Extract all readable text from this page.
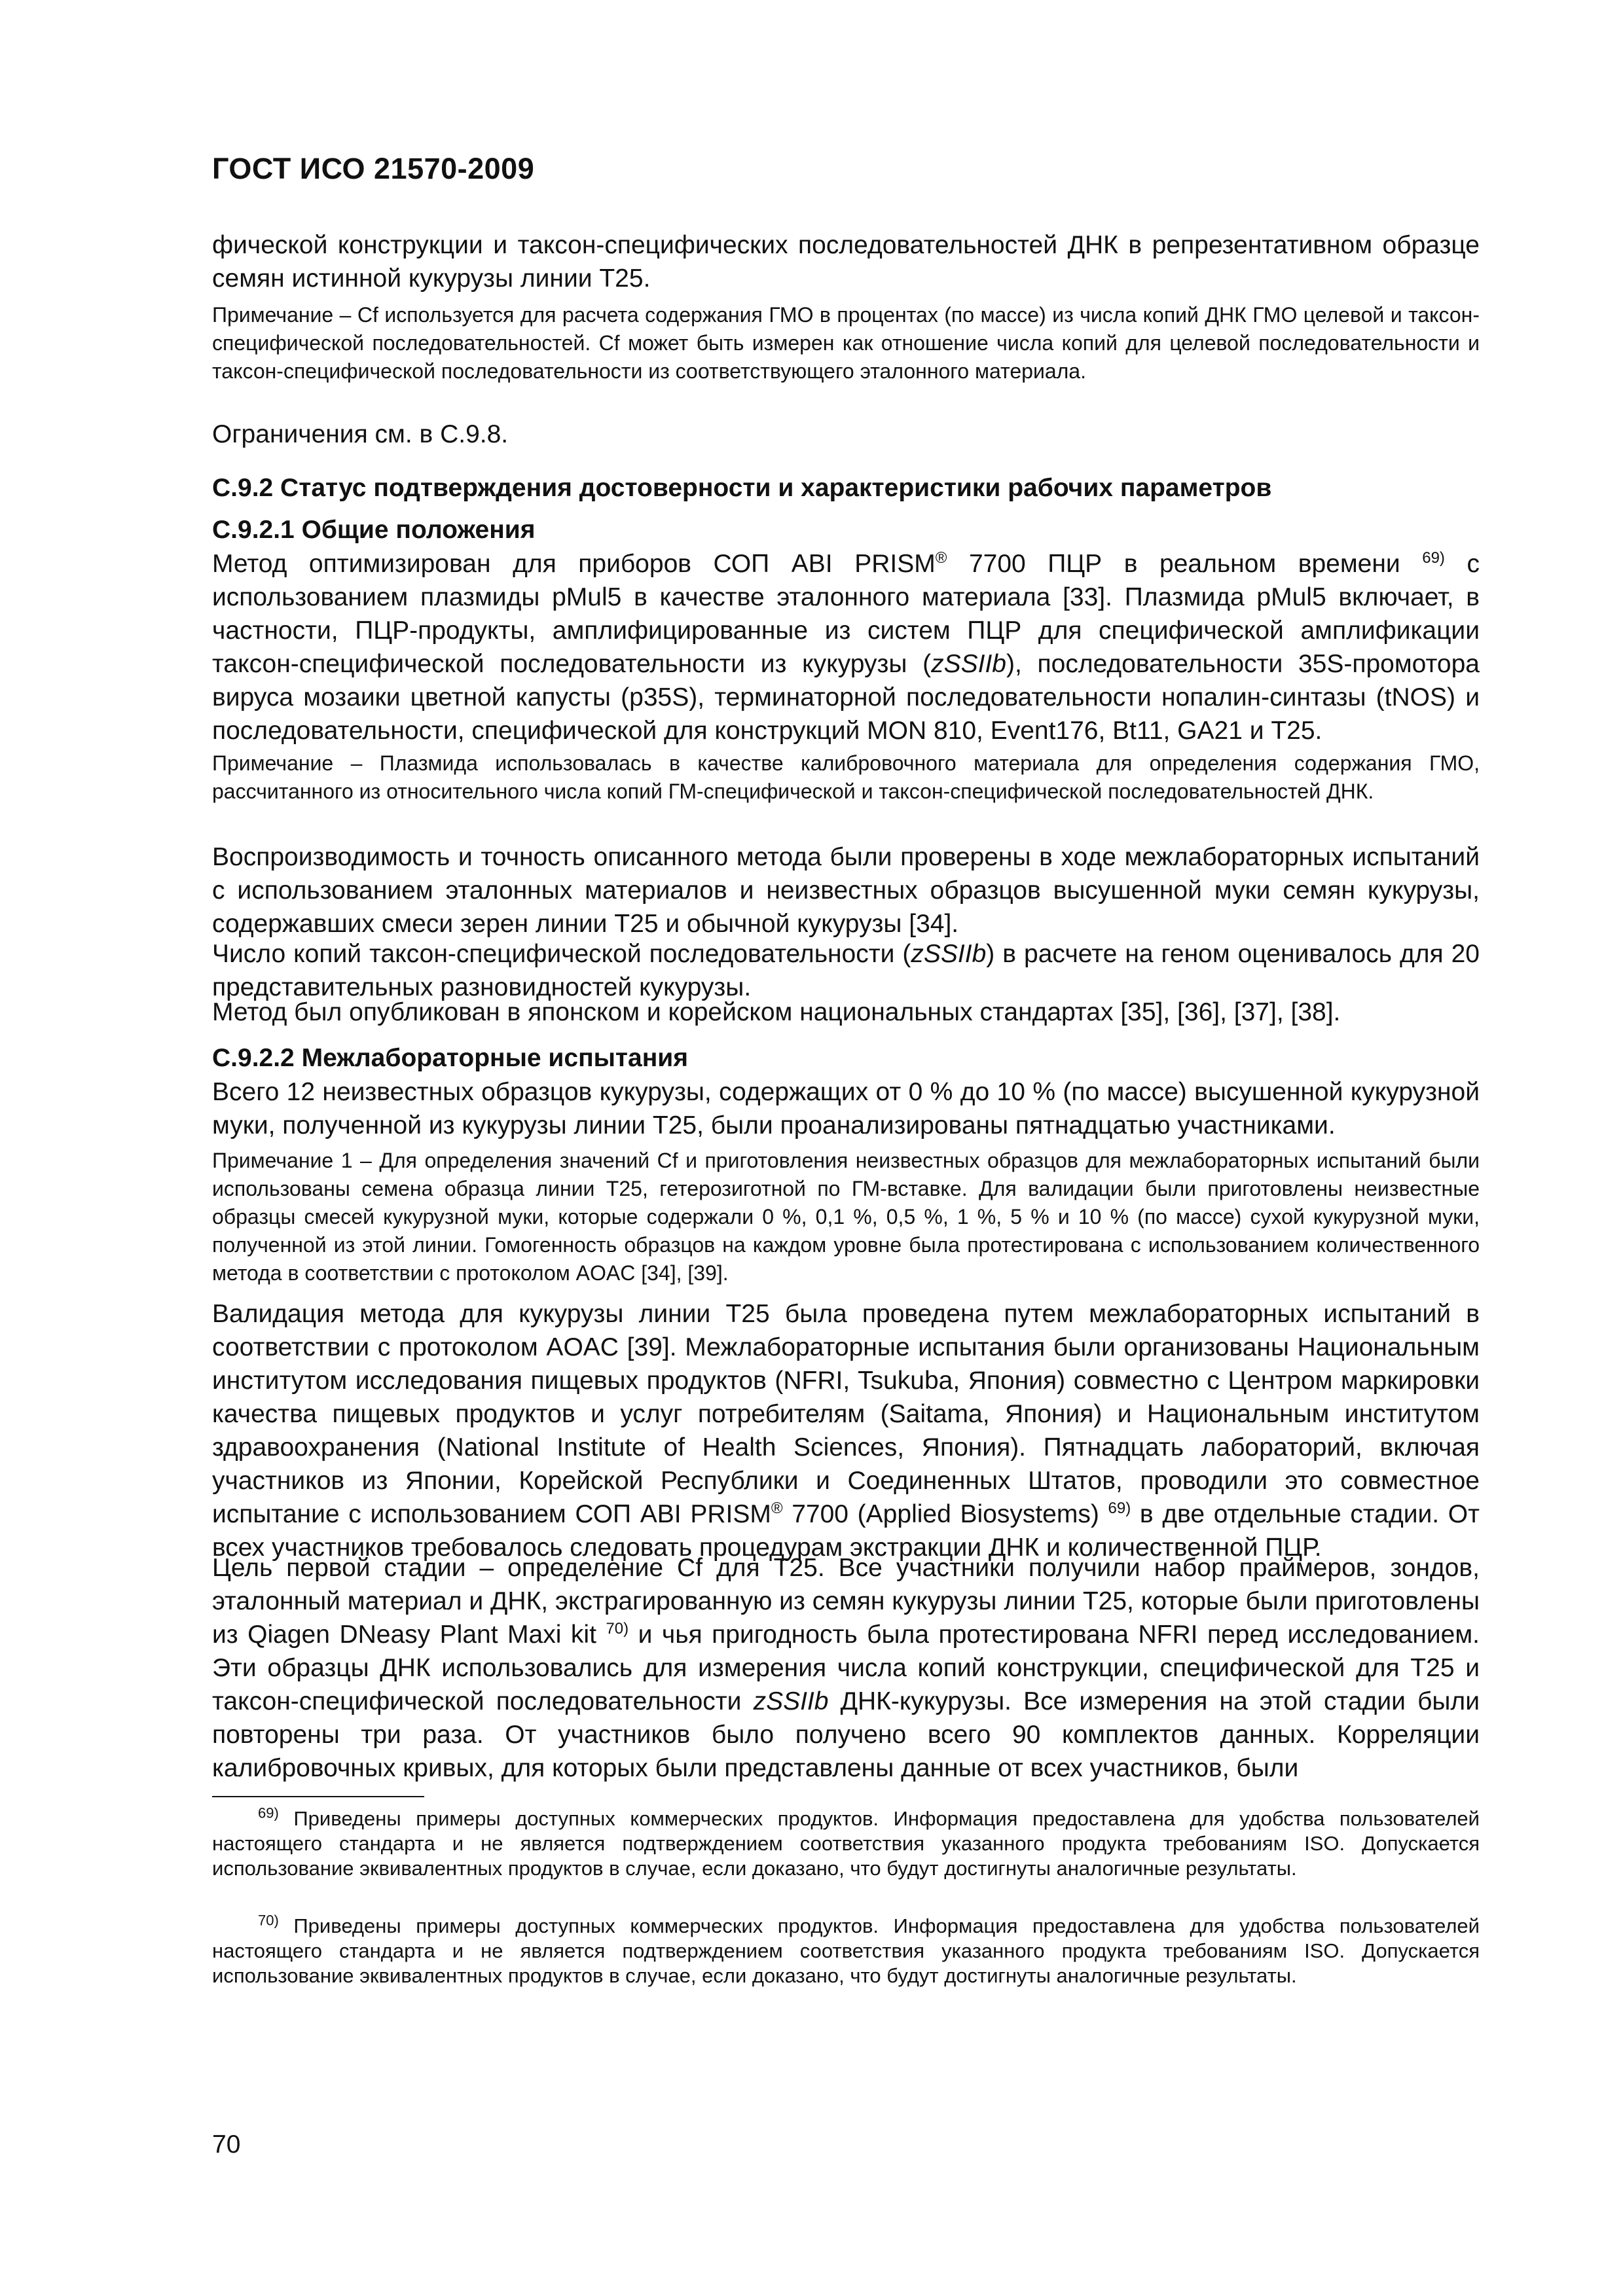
ГОСТ ИСО 21570-2009

фической конструкции и таксон-специфических последовательностей ДНК в репрезентативном образце семян истинной кукурузы линии Т25.

Примечание – Cf используется для расчета содержания ГМО в процентах (по массе) из числа копий ДНК ГМО целевой и таксон-специфической последовательностей. Cf может быть измерен как отношение числа копий для целевой последовательности и таксон-специфической последовательности из соответствующего эталонного материала.

Ограничения см. в С.9.8.

С.9.2 Статус подтверждения достоверности и характеристики рабочих параметров
С.9.2.1 Общие положения

Метод оптимизирован для приборов СОП ABI PRISM® 7700 ПЦР в реальном времени $^{69)}$ с использованием плазмиды pMul5 в качестве эталонного материала [33]. Плазмида pMul5 включает, в частности, ПЦР-продукты, амплифицированные из систем ПЦР для специфической амплификации таксон-специфической последовательности из кукурузы (zSSIIb), последовательности 35S-промотора вируса мозаики цветной капусты (p35S), терминаторной последовательности нопалин-синтазы (tNOS) и последовательности, специфической для конструкций MON 810, Event176, Bt11, GA21 и Т25.

Примечание – Плазмида использовалась в качестве калибровочного материала для определения содержания ГМО, рассчитанного из относительного числа копий ГМ-специфической и таксон-специфической последовательностей ДНК.

Воспроизводимость и точность описанного метода были проверены в ходе межлабораторных испытаний с использованием эталонных материалов и неизвестных образцов высушенной муки семян кукурузы, содержавших смеси зерен линии Т25 и обычной кукурузы [34].

Число копий таксон-специфической последовательности (zSSIIb) в расчете на геном оценивалось для 20 представительных разновидностей кукурузы.

Метод был опубликован в японском и корейском национальных стандартах [35], [36], [37], [38].

С.9.2.2 Межлабораторные испытания

Всего 12 неизвестных образцов кукурузы, содержащих от 0 % до 10 % (по массе) высушенной кукурузной муки, полученной из кукурузы линии Т25, были проанализированы пятнадцатью участниками.

Примечание 1 – Для определения значений Cf и приготовления неизвестных образцов для межлабораторных испытаний были использованы семена образца линии Т25, гетерозиготной по ГМ-вставке. Для валидации были приготовлены неизвестные образцы смесей кукурузной муки, которые содержали 0 %, 0,1 %, 0,5 %, 1 %, 5 % и 10 % (по массе) сухой кукурузной муки, полученной из этой линии. Гомогенность образцов на каждом уровне была протестирована с использованием количественного метода в соответствии с протоколом AOAC [34], [39].

Валидация метода для кукурузы линии Т25 была проведена путем межлабораторных испытаний в соответствии с протоколом AOAC [39]. Межлабораторные испытания были организованы Национальным институтом исследования пищевых продуктов (NFRI, Tsukuba, Япония) совместно с Центром маркировки качества пищевых продуктов и услуг потребителям (Saitama, Япония) и Национальным институтом здравоохранения (National Institute of Health Sciences, Япония). Пятнадцать лабораторий, включая участников из Японии, Корейской Республики и Соединенных Штатов, проводили это совместное испытание с использованием СОП ABI PRISM® 7700 (Applied Biosystems) $^{69)}$ в две отдельные стадии. От всех участников требовалось следовать процедурам экстракции ДНК и количественной ПЦР.

Цель первой стадии – определение Cf для Т25. Все участники получили набор праймеров, зондов, эталонный материал и ДНК, экстрагированную из семян кукурузы линии Т25, которые были приготовлены из Qiagen DNeasy Plant Maxi kit $^{70)}$ и чья пригодность была протестирована NFRI перед исследованием. Эти образцы ДНК использовались для измерения числа копий конструкции, специфической для Т25 и таксон-специфической последовательности zSSIIb ДНК-кукурузы. Все измерения на этой стадии были повторены три раза. От участников было получено всего 90 комплектов данных. Корреляции калибровочных кривых, для которых были представлены данные от всех участников, были

$^{69)}$ Приведены примеры доступных коммерческих продуктов. Информация предоставлена для удобства пользователей настоящего стандарта и не является подтверждением соответствия указанного продукта требованиям ISO. Допускается использование эквивалентных продуктов в случае, если доказано, что будут достигнуты аналогичные результаты.

$^{70)}$ Приведены примеры доступных коммерческих продуктов. Информация предоставлена для удобства пользователей настоящего стандарта и не является подтверждением соответствия указанного продукта требованиям ISO. Допускается использование эквивалентных продуктов в случае, если доказано, что будут достигнуты аналогичные результаты.

70
